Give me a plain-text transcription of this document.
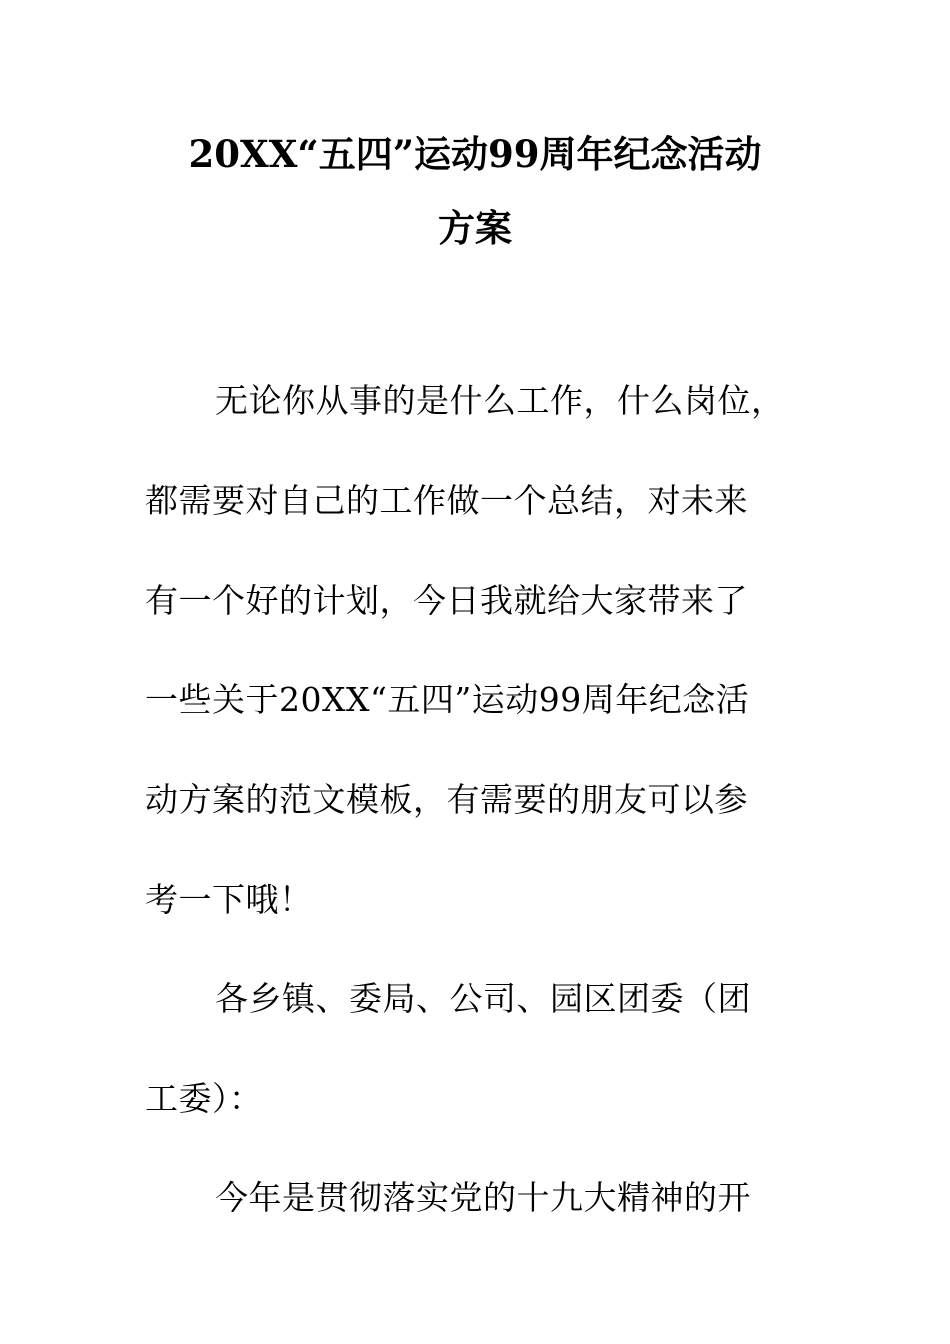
20XX“五四”运动99周年纪念活动
方案

无论你从事的是什么工作，什么岗位，

都需要对自己的工作做一个总结，对未来

有一个好的计划，今日我就给大家带来了

一些关于20XX“五四”运动99周年纪念活

动方案的范文模板，有需要的朋友可以参

考一下哦！

各乡镇、委局、公司、园区团委（团

工委）：

今年是贯彻落实党的十九大精神的开
